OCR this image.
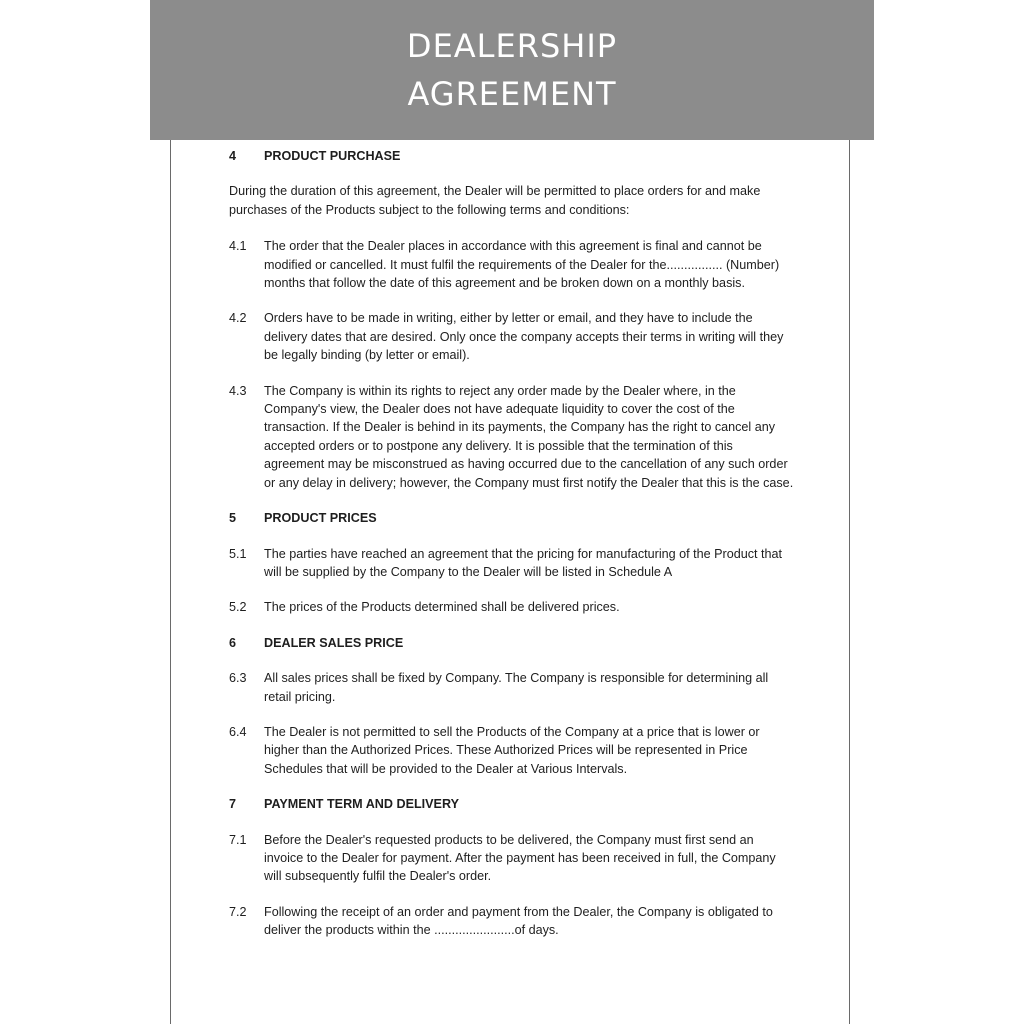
DEALERSHIP
AGREEMENT
4	PRODUCT PURCHASE
During the duration of this agreement, the Dealer will be permitted to place orders for and make purchases of the Products subject to the following terms and conditions:
4.1	The order that the Dealer places in accordance with this agreement is final and cannot be modified or cancelled. It must fulfil the requirements of the Dealer for the................ (Number) months that follow the date of this agreement and be broken down on a monthly basis.
4.2	Orders have to be made in writing, either by letter or email, and they have to include the delivery dates that are desired. Only once the company accepts their terms in writing will they be legally binding (by letter or email).
4.3	The Company is within its rights to reject any order made by the Dealer where, in the Company's view, the Dealer does not have adequate liquidity to cover the cost of the transaction. If the Dealer is behind in its payments, the Company has the right to cancel any accepted orders or to postpone any delivery. It is possible that the termination of this agreement may be misconstrued as having occurred due to the cancellation of any such order or any delay in delivery; however, the Company must first notify the Dealer that this is the case.
5	PRODUCT PRICES
5.1	The parties have reached an agreement that the pricing for manufacturing of the Product that will be supplied by the Company to the Dealer will be listed in Schedule A
5.2	The prices of the Products determined shall be delivered prices.
6	DEALER SALES PRICE
6.3	All sales prices shall be fixed by Company. The Company is responsible for determining all retail pricing.
6.4	The Dealer is not permitted to sell the Products of the Company at a price that is lower or higher than the Authorized Prices. These Authorized Prices will be represented in Price Schedules that will be provided to the Dealer at Various Intervals.
7	PAYMENT TERM AND DELIVERY
7.1	Before the Dealer's requested products to be delivered, the Company must first send an invoice to the Dealer for payment. After the payment has been received in full, the Company will subsequently fulfil the Dealer's order.
7.2	Following the receipt of an order and payment from the Dealer, the Company is obligated to deliver the products within the .......................of days.
